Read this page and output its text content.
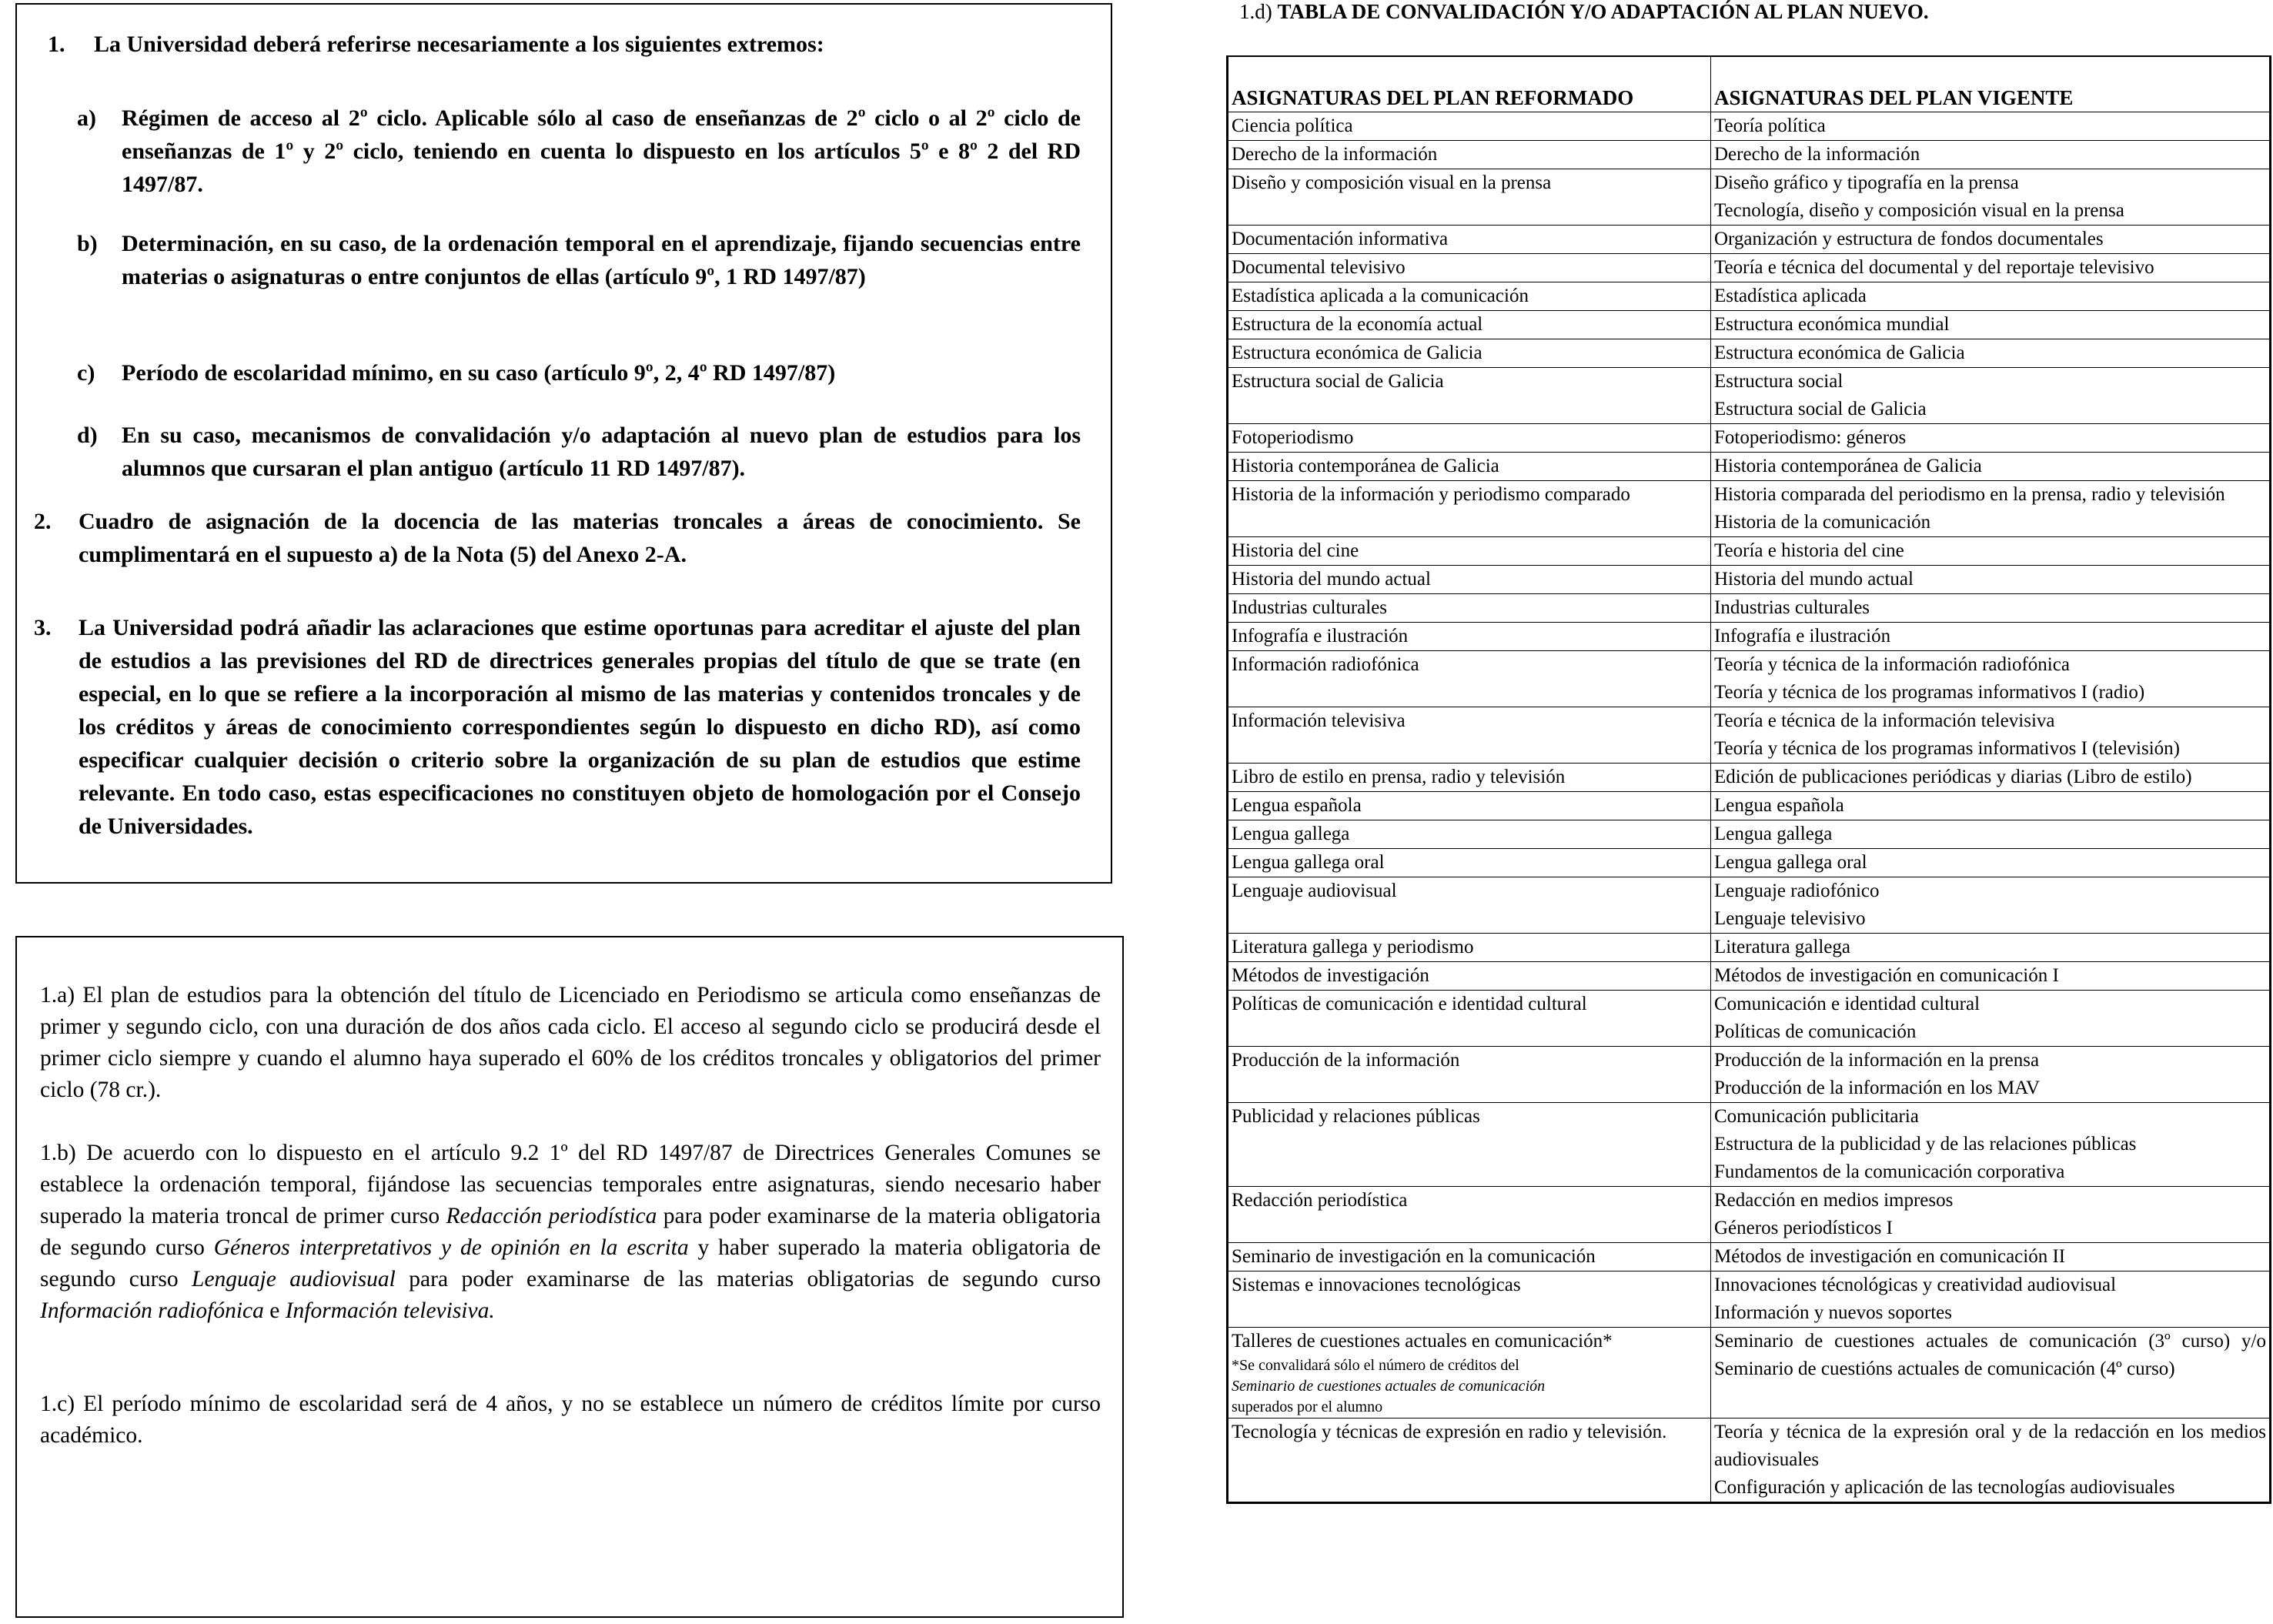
1. La Universidad deberá referirse necesariamente a los siguientes extremos:
a) Régimen de acceso al 2º ciclo. Aplicable sólo al caso de enseñanzas de 2º ciclo o al 2º ciclo de enseñanzas de 1º y 2º ciclo, teniendo en cuenta lo dispuesto en los artículos 5º e 8º 2 del RD 1497/87.
b) Determinación, en su caso, de la ordenación temporal en el aprendizaje, fijando secuencias entre materias o asignaturas o entre conjuntos de ellas (artículo 9º, 1 RD 1497/87)
c) Período de escolaridad mínimo, en su caso (artículo 9º, 2, 4º RD 1497/87)
d) En su caso, mecanismos de convalidación y/o adaptación al nuevo plan de estudios para los alumnos que cursaran el plan antiguo (artículo 11 RD 1497/87).
2. Cuadro de asignación de la docencia de las materias troncales a áreas de conocimiento. Se cumplimentará en el supuesto a) de la Nota (5) del Anexo 2-A.
3. La Universidad podrá añadir las aclaraciones que estime oportunas para acreditar el ajuste del plan de estudios a las previsiones del RD de directrices generales propias del título de que se trate (en especial, en lo que se refiere a la incorporación al mismo de las materias y contenidos troncales y de los créditos y áreas de conocimiento correspondientes según lo dispuesto en dicho RD), así como especificar cualquier decisión o criterio sobre la organización de su plan de estudios que estime relevante. En todo caso, estas especificaciones no constituyen objeto de homologación por el Consejo de Universidades.
1.a) El plan de estudios para la obtención del título de Licenciado en Periodismo se articula como enseñanzas de primer y segundo ciclo, con una duración de dos años cada ciclo. El acceso al segundo ciclo se producirá desde el primer ciclo siempre y cuando el alumno haya superado el 60% de los créditos troncales y obligatorios del primer ciclo (78 cr.).
1.b) De acuerdo con lo dispuesto en el artículo 9.2 1º del RD 1497/87 de Directrices Generales Comunes se establece la ordenación temporal, fijándose las secuencias temporales entre asignaturas, siendo necesario haber superado la materia troncal de primer curso Redacción periodística para poder examinarse de la materia obligatoria de segundo curso Géneros interpretativos y de opinión en la escrita y haber superado la materia obligatoria de segundo curso Lenguaje audiovisual para poder examinarse de las materias obligatorias de segundo curso Información radiofónica e Información televisiva.
1.c) El período mínimo de escolaridad será de 4 años, y no se establece un número de créditos límite por curso académico.
1.d) TABLA DE CONVALIDACIÓN Y/O ADAPTACIÓN AL PLAN NUEVO.
ASIGNATURAS DEL PLAN REFORMADO	ASIGNATURAS DEL PLAN VIGENTE

Ciencia política	Teoría política

Derecho de la información	Derecho de la información

Diseño y composición visual en la prensa	Diseño gráfico y tipografía en la prensa
Tecnología, diseño y composición visual en la prensa

Documentación informativa	Organización y estructura de fondos documentales

Documental televisivo	Teoría e técnica del documental y del reportaje televisivo

Estadística aplicada a la comunicación	Estadística aplicada

Estructura de la economía actual	Estructura económica mundial

Estructura económica de Galicia	Estructura económica de Galicia

Estructura social de Galicia	Estructura social
Estructura social de Galicia

Fotoperiodismo	Fotoperiodismo: géneros

Historia contemporánea de Galicia	Historia contemporánea de Galicia

Historia de la información y periodismo comparado	Historia comparada del periodismo en la prensa, radio y televisión
Historia de la comunicación

Historia del cine	Teoría e historia del cine

Historia del mundo actual	Historia del mundo actual

Industrias culturales	Industrias culturales

Infografía e ilustración	Infografía e ilustración

Información radiofónica	Teoría y técnica de la información radiofónica
Teoría y técnica de los programas informativos I (radio)

Información televisiva	Teoría e técnica de la información televisiva
Teoría y técnica de los programas informativos I (televisión)

Libro de estilo en prensa, radio y televisión	Edición de publicaciones periódicas y diarias (Libro de estilo)

Lengua española	Lengua española

Lengua gallega	Lengua gallega

Lengua gallega oral	Lengua gallega oral

Lenguaje audiovisual	Lenguaje radiofónico
Lenguaje televisivo

Literatura gallega y periodismo	Literatura gallega

Métodos de investigación	Métodos de investigación en comunicación I

Políticas de comunicación e identidad cultural	Comunicación e identidad cultural
Políticas de comunicación

Producción de la información	Producción de la información en la prensa
Producción de la información en los MAV

Publicidad y relaciones públicas	Comunicación publicitaria
Estructura de la publicidad y de las relaciones públicas
Fundamentos de la comunicación corporativa

Redacción periodística	Redacción en medios impresos
Géneros periodísticos I

Seminario de investigación en la comunicación	Métodos de investigación en comunicación II

Sistemas e innovaciones tecnológicas	Innovaciones técnológicas y creatividad audiovisual
Información y nuevos soportes

Talleres de cuestiones actuales en comunicación*
*Se convalidará sólo el número de créditos del
Seminario de cuestiones actuales de comunicación
superados por el alumno	Seminario de cuestiones actuales de comunicación (3º curso) y/o Seminario de cuestións actuales de comunicación (4º curso)

Tecnología y técnicas de expresión en radio y televisión.	Teoría y técnica de la expresión oral y de la redacción en los medios audiovisuales
Configuración y aplicación de las tecnologías audiovisuales
